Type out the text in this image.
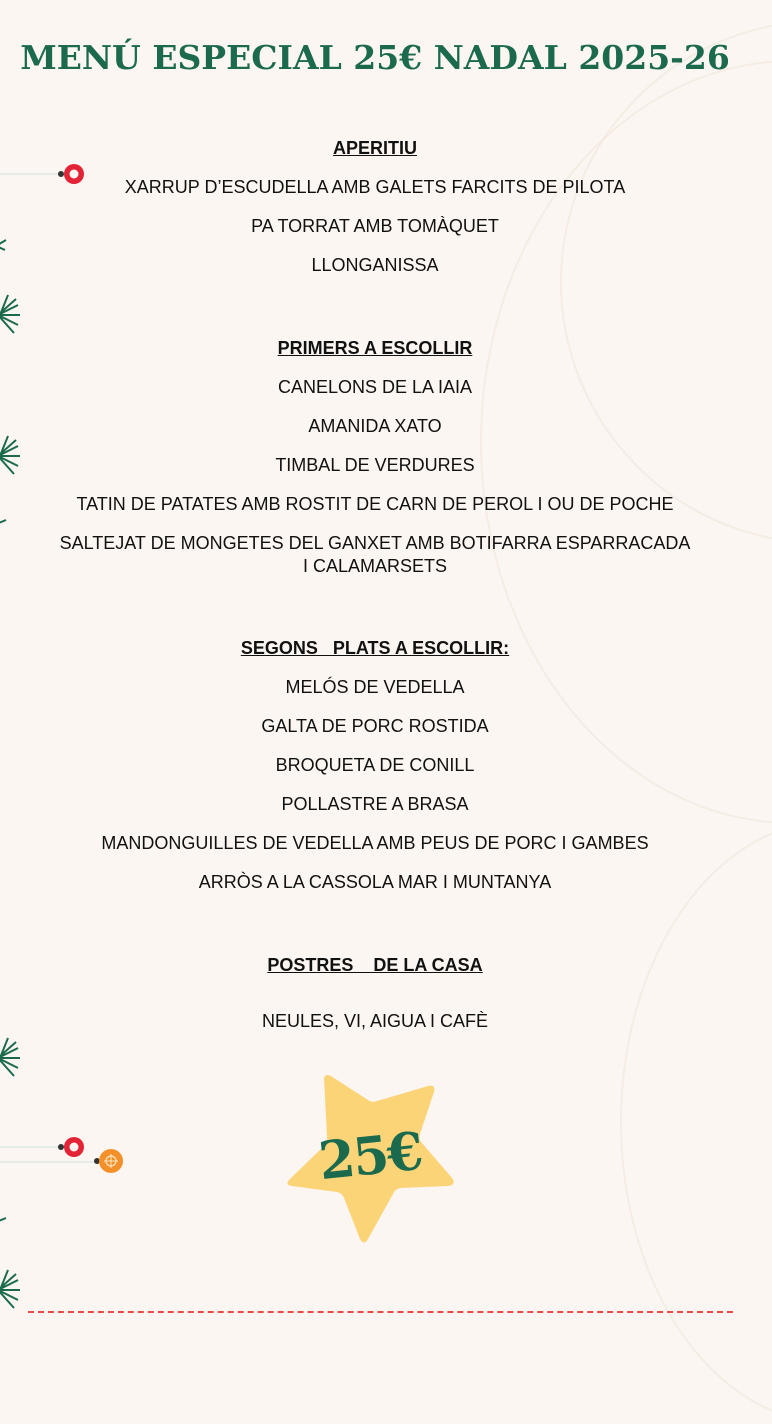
MENÚ ESPECIAL 25€ NADAL 2025-26
APERITIU
XARRUP D’ESCUDELLA AMB GALETS FARCITS DE PILOTA
PA TORRAT AMB TOMÀQUET
LLONGANISSA
PRIMERS A ESCOLLIR
CANELONS DE LA IAIA
AMANIDA XATO
TIMBAL DE VERDURES
TATIN DE PATATES AMB ROSTIT DE CARN DE PEROL I OU DE POCHE
SALTEJAT DE MONGETES DEL GANXET AMB BOTIFARRA ESPARRACADA
I CALAMARSETS
SEGONS   PLATS A ESCOLLIR:
MELÓS DE VEDELLA
GALTA DE PORC ROSTIDA
BROQUETA DE CONILL
POLLASTRE A BRASA
MANDONGUILLES DE VEDELLA AMB PEUS DE PORC I GAMBES
ARRÒS A LA CASSOLA MAR I MUNTANYA
POSTRES    DE LA CASA
NEULES, VI, AIGUA I CAFÈ
25€
